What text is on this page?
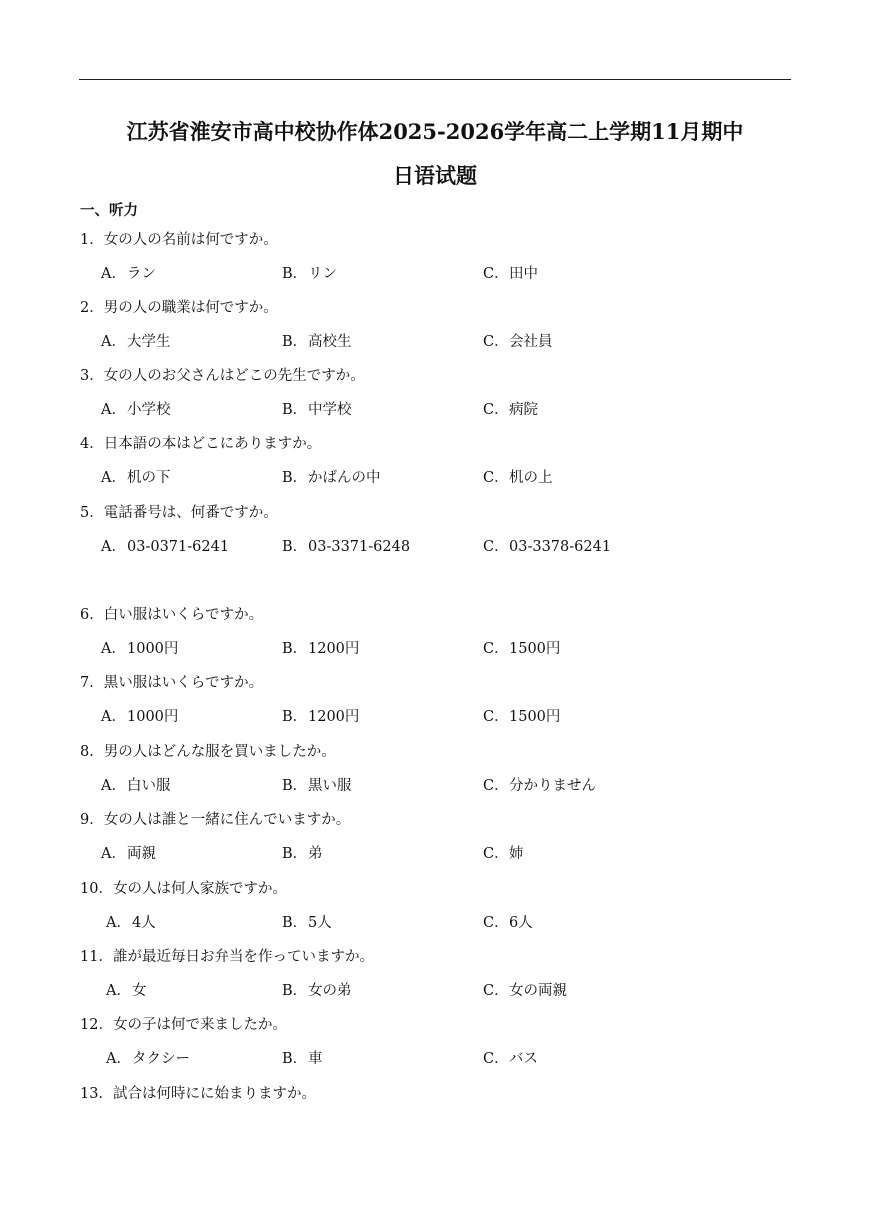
江苏省淮安市高中校协作体2025-2026学年高二上学期11月期中
日语试题
一、听力
1．女の人の名前は何ですか。
A．ラン	B．リン	C．田中
2．男の人の職業は何ですか。
A．大学生	B．高校生	C．会社員
3．女の人のお父さんはどこの先生ですか。
A．小学校	B．中学校	C．病院
4．日本語の本はどこにありますか。
A．机の下	B．かばんの中	C．机の上
5．電話番号は、何番ですか。
A．03-0371-6241	B．03-3371-6248	C．03-3378-6241
6．白い服はいくらですか。
A．1000円	B．1200円	C．1500円
7．黒い服はいくらですか。
A．1000円	B．1200円	C．1500円
8．男の人はどんな服を買いましたか。
A．白い服	B．黒い服	C．分かりません
9．女の人は誰と一緒に住んでいますか。
A．両親	B．弟	C．姉
10．女の人は何人家族ですか。
A．4人	B．5人	C．6人
11．誰が最近毎日お弁当を作っていますか。
A．女	B．女の弟	C．女の両親
12．女の子は何で来ましたか。
A．タクシー	B．車	C．バス
13．試合は何時にに始まりますか。
